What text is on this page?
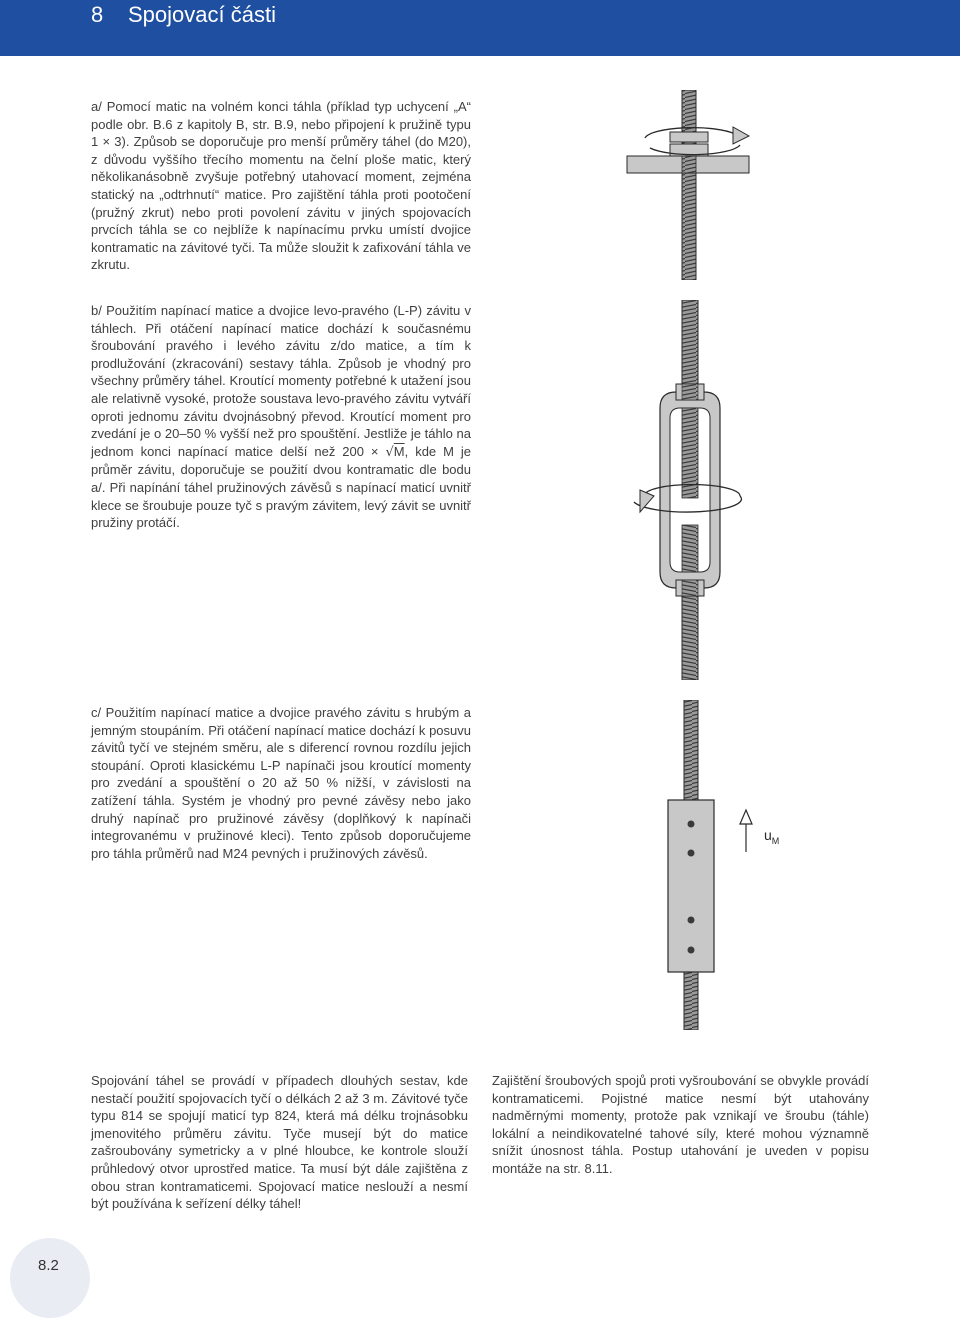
8 Spojovací části

a/ Pomocí matic na volném konci táhla (příklad typ uchycení „A“ podle obr. B.6 z kapitoly B, str. B.9, nebo připojení k pružině typu 1 × 3). Způsob se doporučuje pro menší průměry táhel (do M20), z důvodu vyššího třecího momentu na čelní ploše matic, který několikanásobně zvyšuje potřebný utahovací moment, zejména statický na „odtrhnutí“ matice. Pro zajištění táhla proti pootočení (pružný zkrut) nebo proti povolení závitu v jiných spojovacích prvcích táhla se co nejblíže k napínacímu prvku umístí dvojice kontramatic na závitové tyči. Ta může sloužit k zafixování táhla ve zkrutu.

b/ Použitím napínací matice a dvojice levo-pravého (L-P) závitu v táhlech. Při otáčení napínací matice dochází k současnému šroubování pravého i levého závitu z/do matice, a tím k prodlužování (zkracování) sestavy táhla. Způsob je vhodný pro všechny průměry táhel. Kroutící momenty potřebné k utažení jsou ale relativně vysoké, protože soustava levo-pravého závitu vytváří oproti jednomu závitu dvojnásobný převod. Kroutící moment pro zvedání je o 20–50 % vyšší než pro spouštění. Jestliže je táhlo na jednom konci napínací matice delší než 200 × √M, kde M je průměr závitu, doporučuje se použití dvou kontramatic dle bodu a/. Při napínání táhel pružinových závěsů s napínací maticí uvnitř klece se šroubuje pouze tyč s pravým závitem, levý závit se uvnitř pružiny protáčí.

c/ Použitím napínací matice a dvojice pravého závitu s hrubým a jemným stoupáním. Při otáčení napínací matice dochází k posuvu závitů tyčí ve stejném směru, ale s diferencí rovnou rozdílu jejich stoupání. Oproti klasickému L-P napínači jsou kroutící momenty pro zvedání a spouštění o 20 až 50 % nižší, v závislosti na zatížení táhla. Systém je vhodný pro pevné závěsy nebo jako druhý napínač pro pružinové závěsy (doplňkový k napínači integrovanému v pružinové kleci). Tento způsob doporučujeme pro táhla průměrů nad M24 pevných i pružinových závěsů.

$u_M$

Spojování táhel se provádí v případech dlouhých sestav, kde nestačí použití spojovacích tyčí o délkách 2 až 3 m. Závitové tyče typu 814 se spojují maticí typ 824, která má délku trojnásobku jmenovitého průměru závitu. Tyče musejí být do matice zašroubovány symetricky a v plné hloubce, ke kontrole slouží průhledový otvor uprostřed matice. Ta musí být dále zajištěna z obou stran kontramaticemi. Spojovací matice neslouží a nesmí být používána k seřízení délky táhel!

Zajištění šroubových spojů proti vyšroubování se obvykle provádí kontramaticemi. Pojistné matice nesmí být utahovány nadměrnými momenty, protože pak vznikají ve šroubu (táhle) lokální a neindikovatelné tahové síly, které mohou významně snížit únosnost táhla. Postup utahování je uveden v popisu montáže na str. 8.11.

8.2
